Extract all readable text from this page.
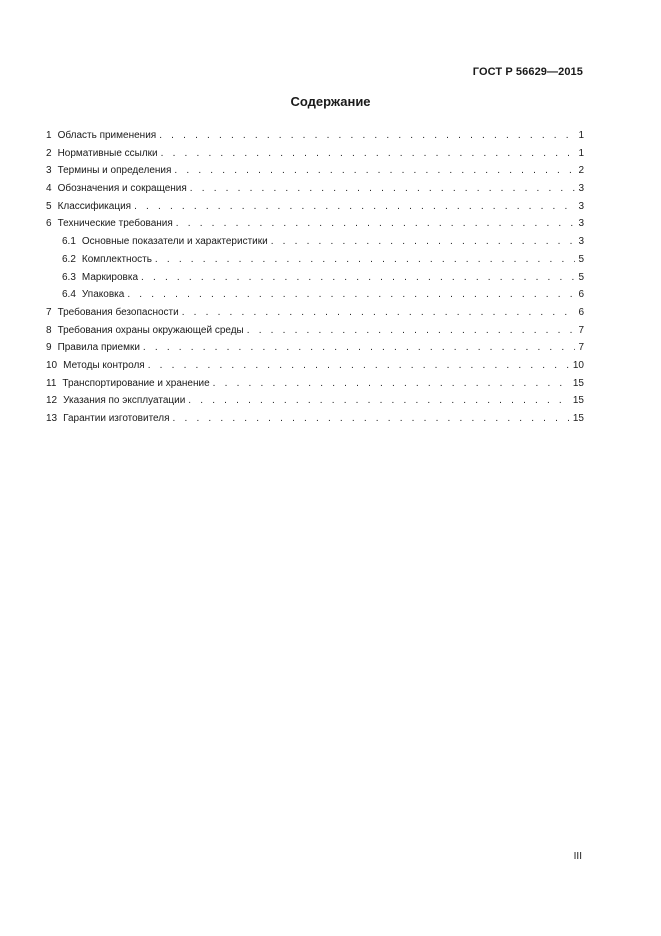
ГОСТ Р 56629—2015
Содержание
1 Область применения . . .	1
2 Нормативные ссылки . . .	1
3 Термины и определения . . .	2
4 Обозначения и сокращения . . .	3
5 Классификация . . .	3
6 Технические требования . . .	3
6.1 Основные показатели и характеристики . . .	3
6.2 Комплектность . . .	5
6.3 Маркировка . . .	5
6.4 Упаковка . . .	6
7 Требования безопасности . . .	6
8 Требования охраны окружающей среды . . .	7
9 Правила приемки . . .	7
10 Методы контроля . . .	10
11 Транспортирование и хранение . . .	15
12 Указания по эксплуатации . . .	15
13 Гарантии изготовителя . . .	15
III
